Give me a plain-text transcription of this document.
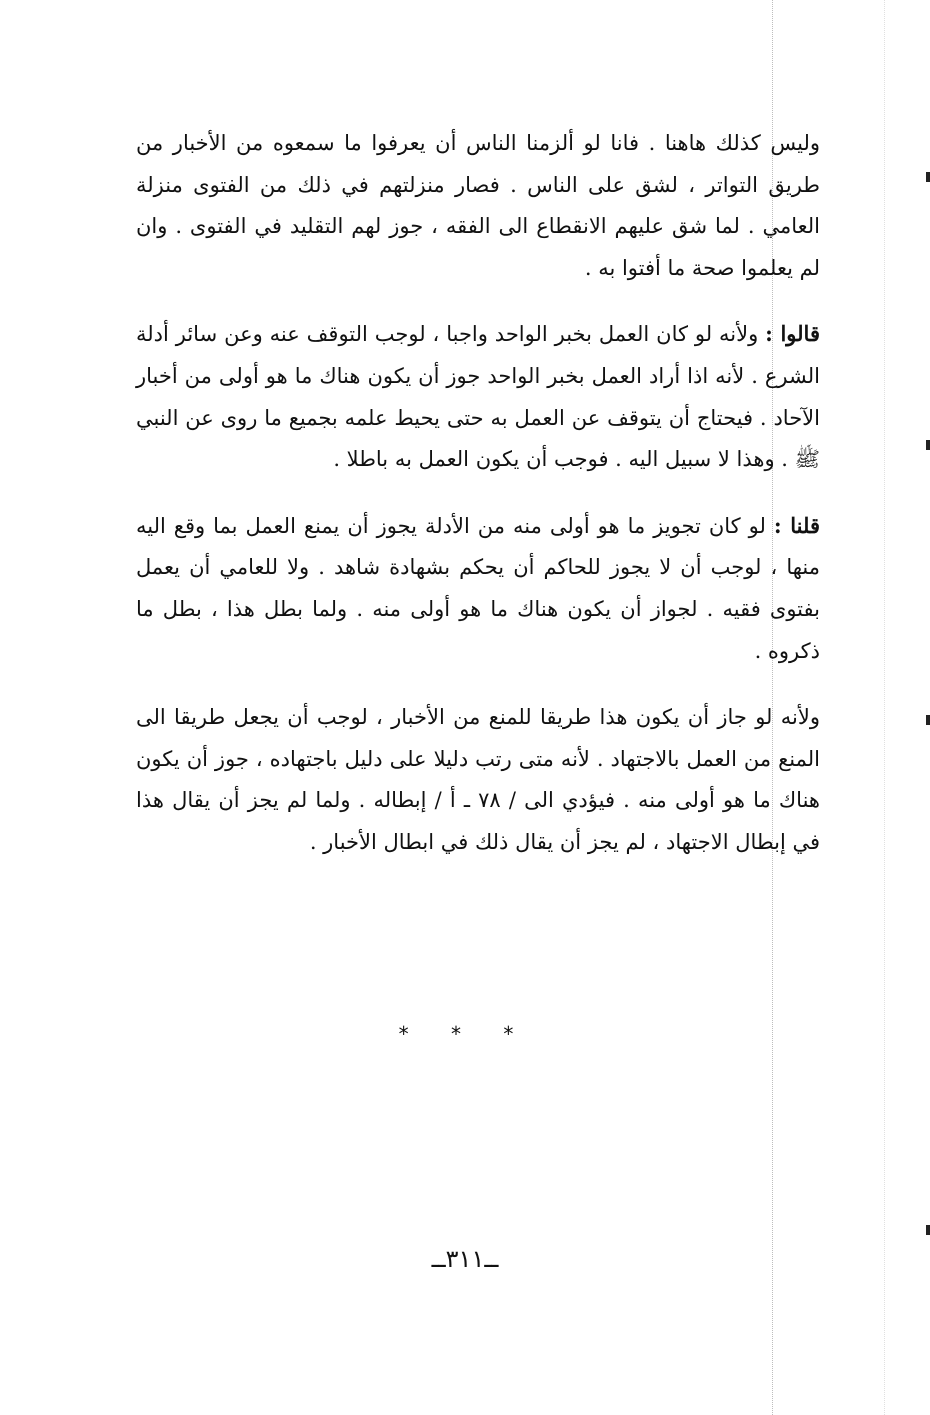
وليس كذلك هاهنا . فانا لو ألزمنا الناس أن يعرفوا ما سمعوه من الأخبار من طريق التواتر ، لشق على الناس . فصار منزلتهم في ذلك من الفتوى منزلة العامي . لما شق عليهم الانقطاع الى الفقه ، جوز لهم التقليد في الفتوى . وان لم يعلموا صحة ما أفتوا به .

قالوا : ولأنه لو كان العمل بخبر الواحد واجبا ، لوجب التوقف عنه وعن سائر أدلة الشرع . لأنه اذا أراد العمل بخبر الواحد جوز أن يكون هناك ما هو أولى من أخبار الآحاد . فيحتاج أن يتوقف عن العمل به حتى يحيط علمه بجميع ما روى عن النبي ﷺ . وهذا لا سبيل اليه . فوجب أن يكون العمل به باطلا .

قلنا : لو كان تجويز ما هو أولى منه من الأدلة يجوز أن يمنع العمل بما وقع اليه منها ، لوجب أن لا يجوز للحاكم أن يحكم بشهادة شاهد . ولا للعامي أن يعمل بفتوى فقيه . لجواز أن يكون هناك ما هو أولى منه . ولما بطل هذا ، بطل ما ذكروه .

ولأنه لو جاز أن يكون هذا طريقا للمنع من الأخبار ، لوجب أن يجعل طريقا الى المنع من العمل بالاجتهاد . لأنه متى رتب دليلا على دليل باجتهاده ، جوز أن يكون هناك ما هو أولى منه . فيؤدي الى / ٧٨ ـ أ / إبطاله . ولما لم يجز أن يقال هذا في إبطال الاجتهاد ، لم يجز أن يقال ذلك في ابطال الأخبار .

* * *
ــ٣١١ــ
